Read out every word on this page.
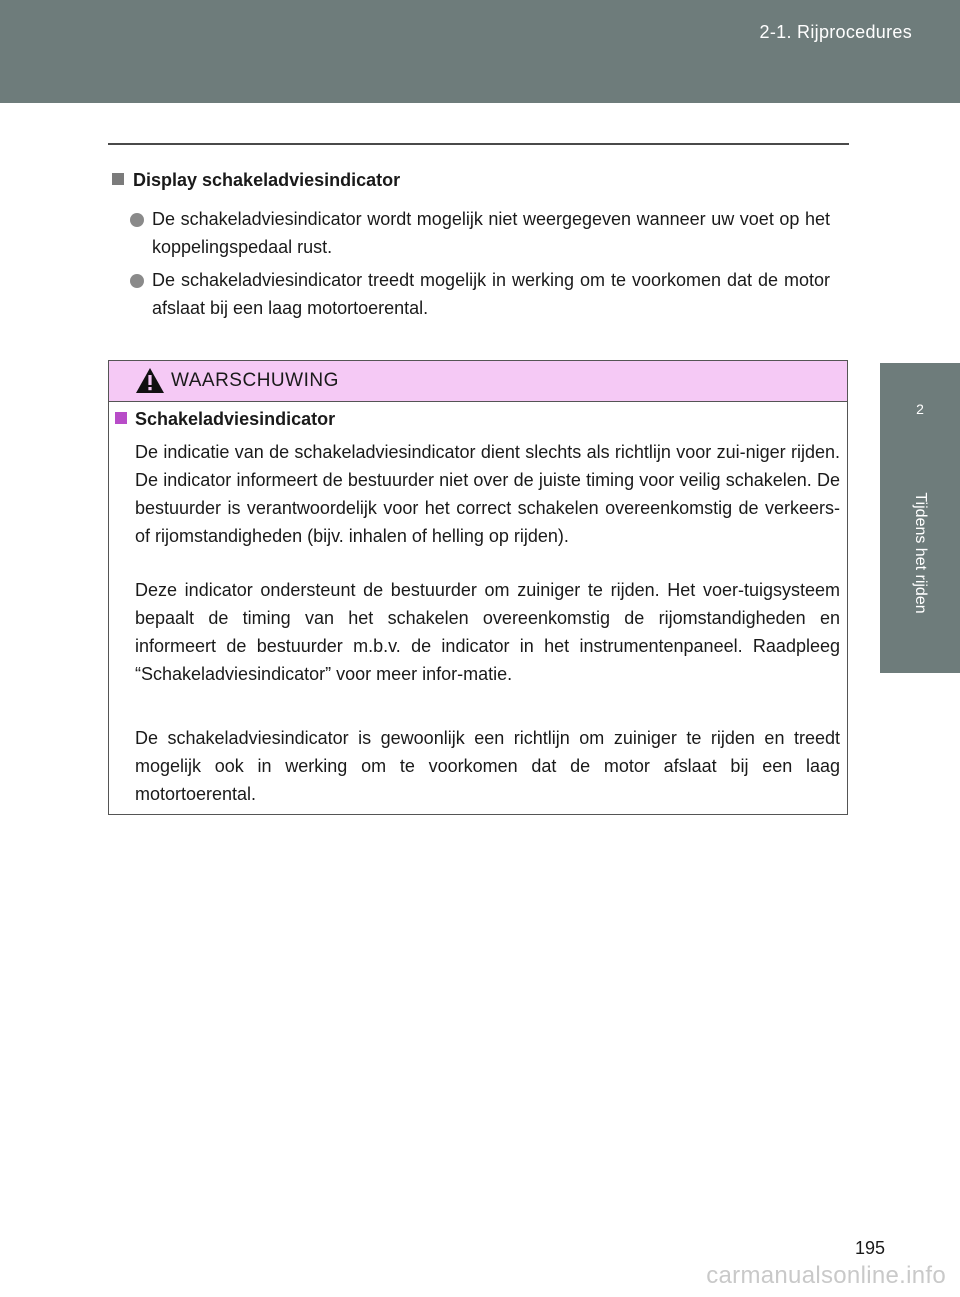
2-1. Rijprocedures
2
Tijdens het rijden
Display schakeladviesindicator
De schakeladviesindicator wordt mogelijk niet weergegeven wanneer uw voet op het koppelingspedaal rust.
De schakeladviesindicator treedt mogelijk in werking om te voorkomen dat de motor afslaat bij een laag motortoerental.
WAARSCHUWING
Schakeladviesindicator
De indicatie van de schakeladviesindicator dient slechts als richtlijn voor zui-niger rijden. De indicator informeert de bestuurder niet over de juiste timing voor veilig schakelen. De bestuurder is verantwoordelijk voor het correct schakelen overeenkomstig de verkeers- of rijomstandigheden (bijv. inhalen of helling op rijden).
Deze indicator ondersteunt de bestuurder om zuiniger te rijden. Het voer-tuigsysteem bepaalt de timing van het schakelen overeenkomstig de rijomstandigheden en informeert de bestuurder m.b.v. de indicator in het instrumentenpaneel. Raadpleeg “Schakeladviesindicator” voor meer infor-matie.
De schakeladviesindicator is gewoonlijk een richtlijn om zuiniger te rijden en treedt mogelijk ook in werking om te voorkomen dat de motor afslaat bij een laag motortoerental.
195
carmanualsonline.info
